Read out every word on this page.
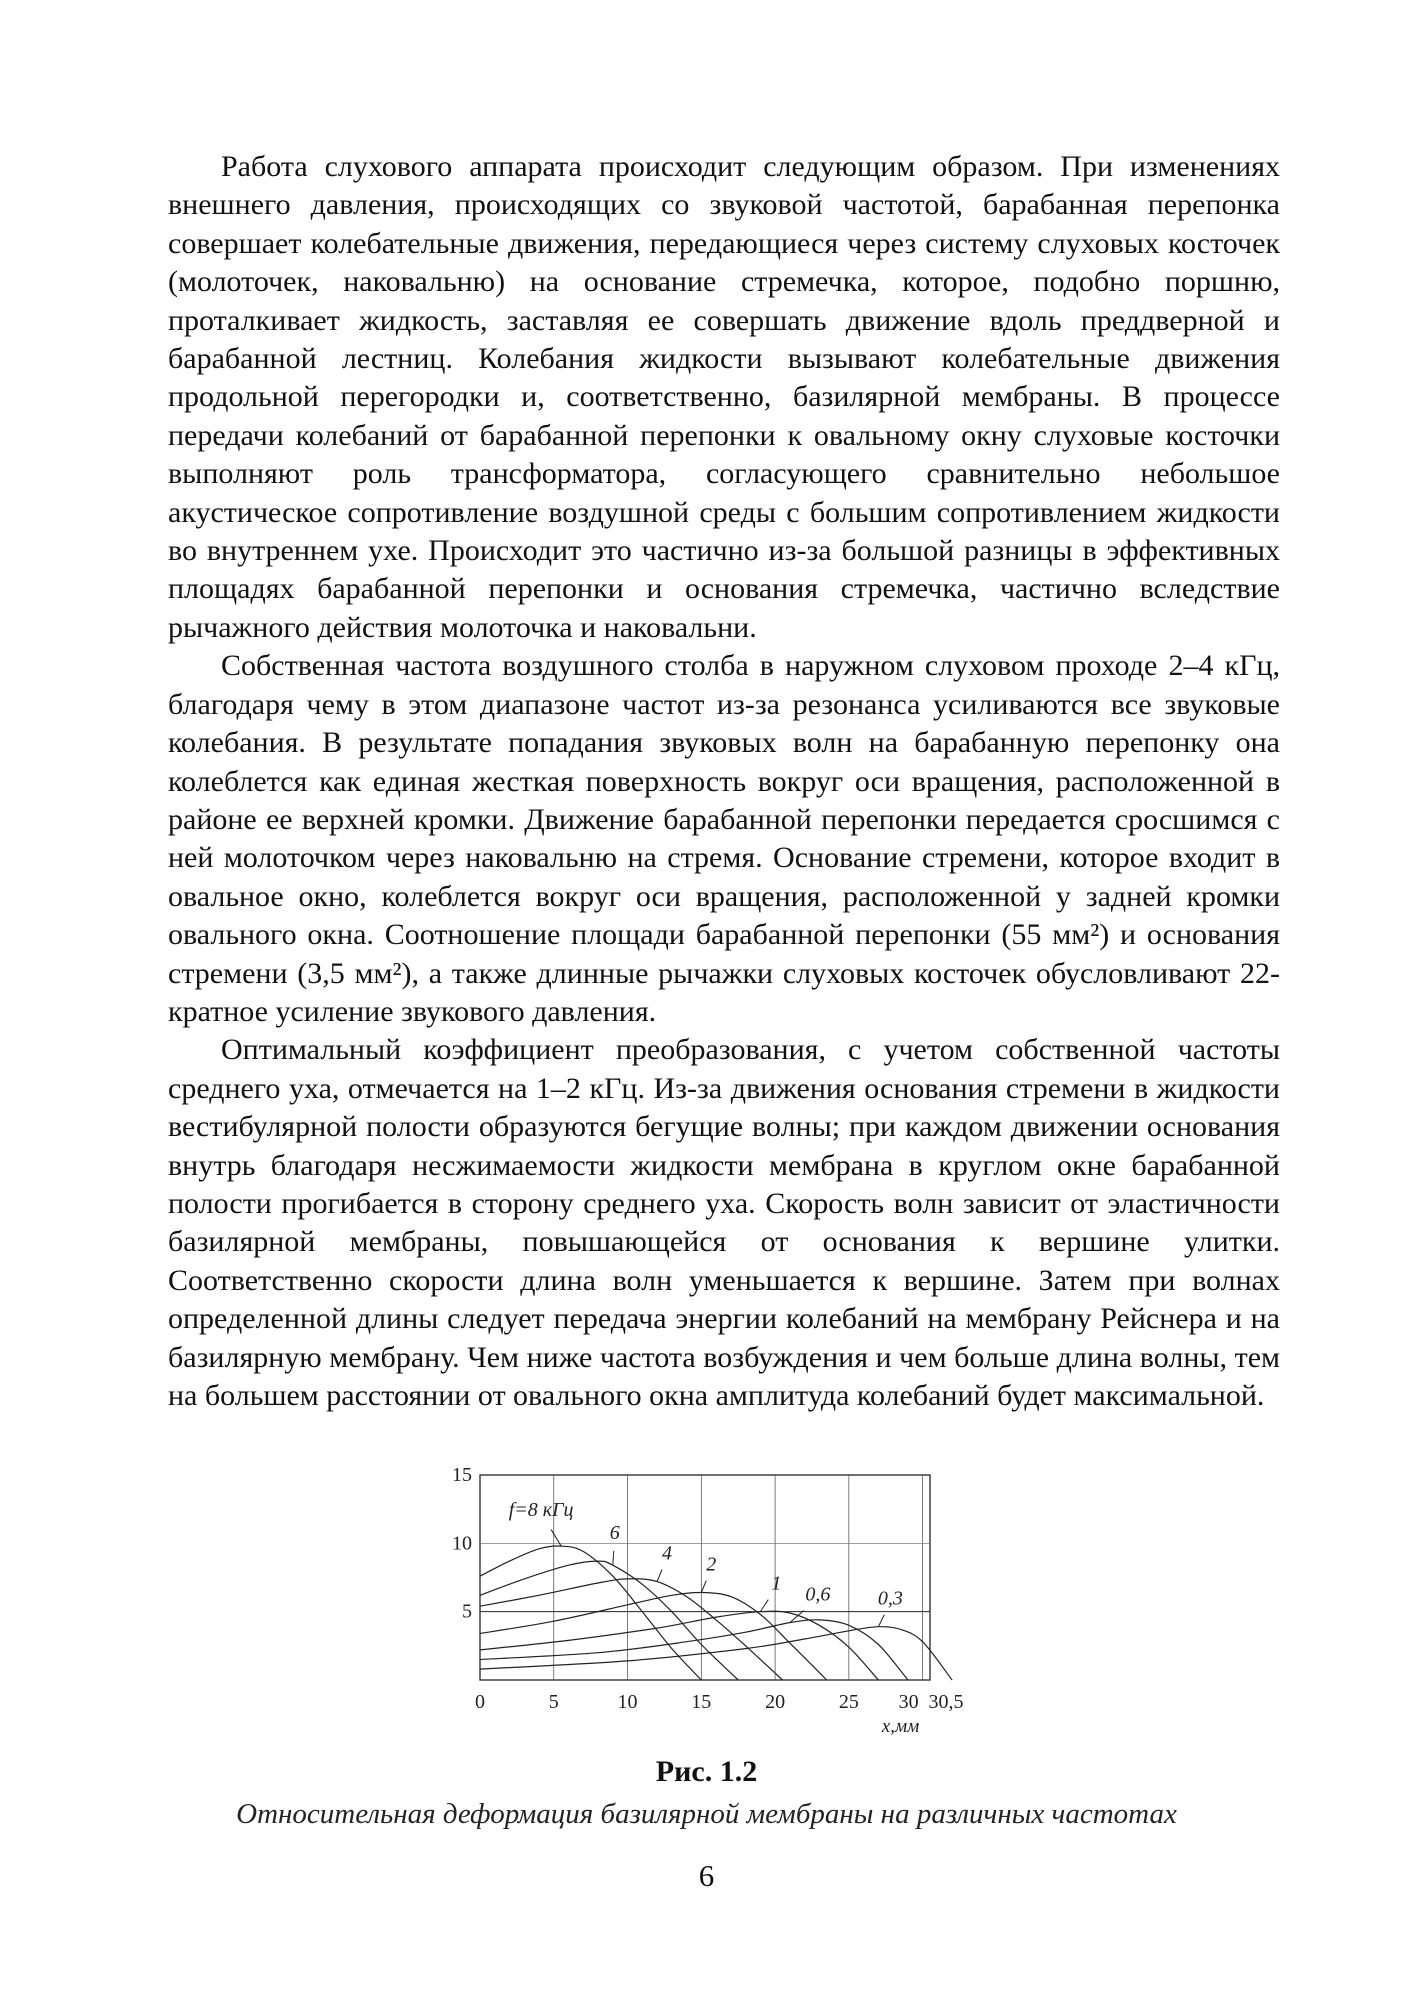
Работа слухового аппарата происходит следующим образом. При изменениях внешнего давления, происходящих со звуковой частотой, барабанная перепонка совершает колебательные движения, передающиеся через систему слуховых косточек (молоточек, наковальню) на основание стремечка, которое, подобно поршню, проталкивает жидкость, заставляя ее совершать движение вдоль преддверной и барабанной лестниц. Колебания жидкости вызывают колебательные движения продольной перегородки и, соответственно, базилярной мембраны. В процессе передачи колебаний от барабанной перепонки к овальному окну слуховые косточки выполняют роль трансформатора, согласующего сравнительно небольшое акустическое сопротивление воздушной среды с большим сопротивлением жидкости во внутреннем ухе. Происходит это частично из-за большой разницы в эффективных площадях барабанной перепонки и основания стремечка, частично вследствие рычажного действия молоточка и наковальни.

Собственная частота воздушного столба в наружном слуховом проходе 2–4 кГц, благодаря чему в этом диапазоне частот из-за резонанса усиливаются все звуковые колебания. В результате попадания звуковых волн на барабанную перепонку она колеблется как единая жесткая поверхность вокруг оси вращения, расположенной в районе ее верхней кромки. Движение барабанной перепонки передается сросшимся с ней молоточком через наковальню на стремя. Основание стремени, которое входит в овальное окно, колеблется вокруг оси вращения, расположенной у задней кромки овального окна. Соотношение площади барабанной перепонки (55 мм²) и основания стремени (3,5 мм²), а также длинные рычажки слуховых косточек обусловливают 22-кратное усиление звукового давления.

Оптимальный коэффициент преобразования, с учетом собственной частоты среднего уха, отмечается на 1–2 кГц. Из-за движения основания стремени в жидкости вестибулярной полости образуются бегущие волны; при каждом движении основания внутрь благодаря несжимаемости жидкости мембрана в круглом окне барабанной полости прогибается в сторону среднего уха. Скорость волн зависит от эластичности базилярной мембраны, повышающейся от основания к вершине улитки. Соответственно скорости длина волн уменьшается к вершине. Затем при волнах определенной длины следует передача энергии колебаний на мембрану Рейснера и на базилярную мембрану. Чем ниже частота возбуждения и чем больше длина волны, тем на большем расстоянии от овального окна амплитуда колебаний будет максимальной.

5
10
15
0	5	10	15	20	25 30 30,5
x,мм
f=8 кГц
6
4 2
1 0,6 0,3
Рис. 1.2
Относительная деформация базилярной мембраны на различных частотах
6
